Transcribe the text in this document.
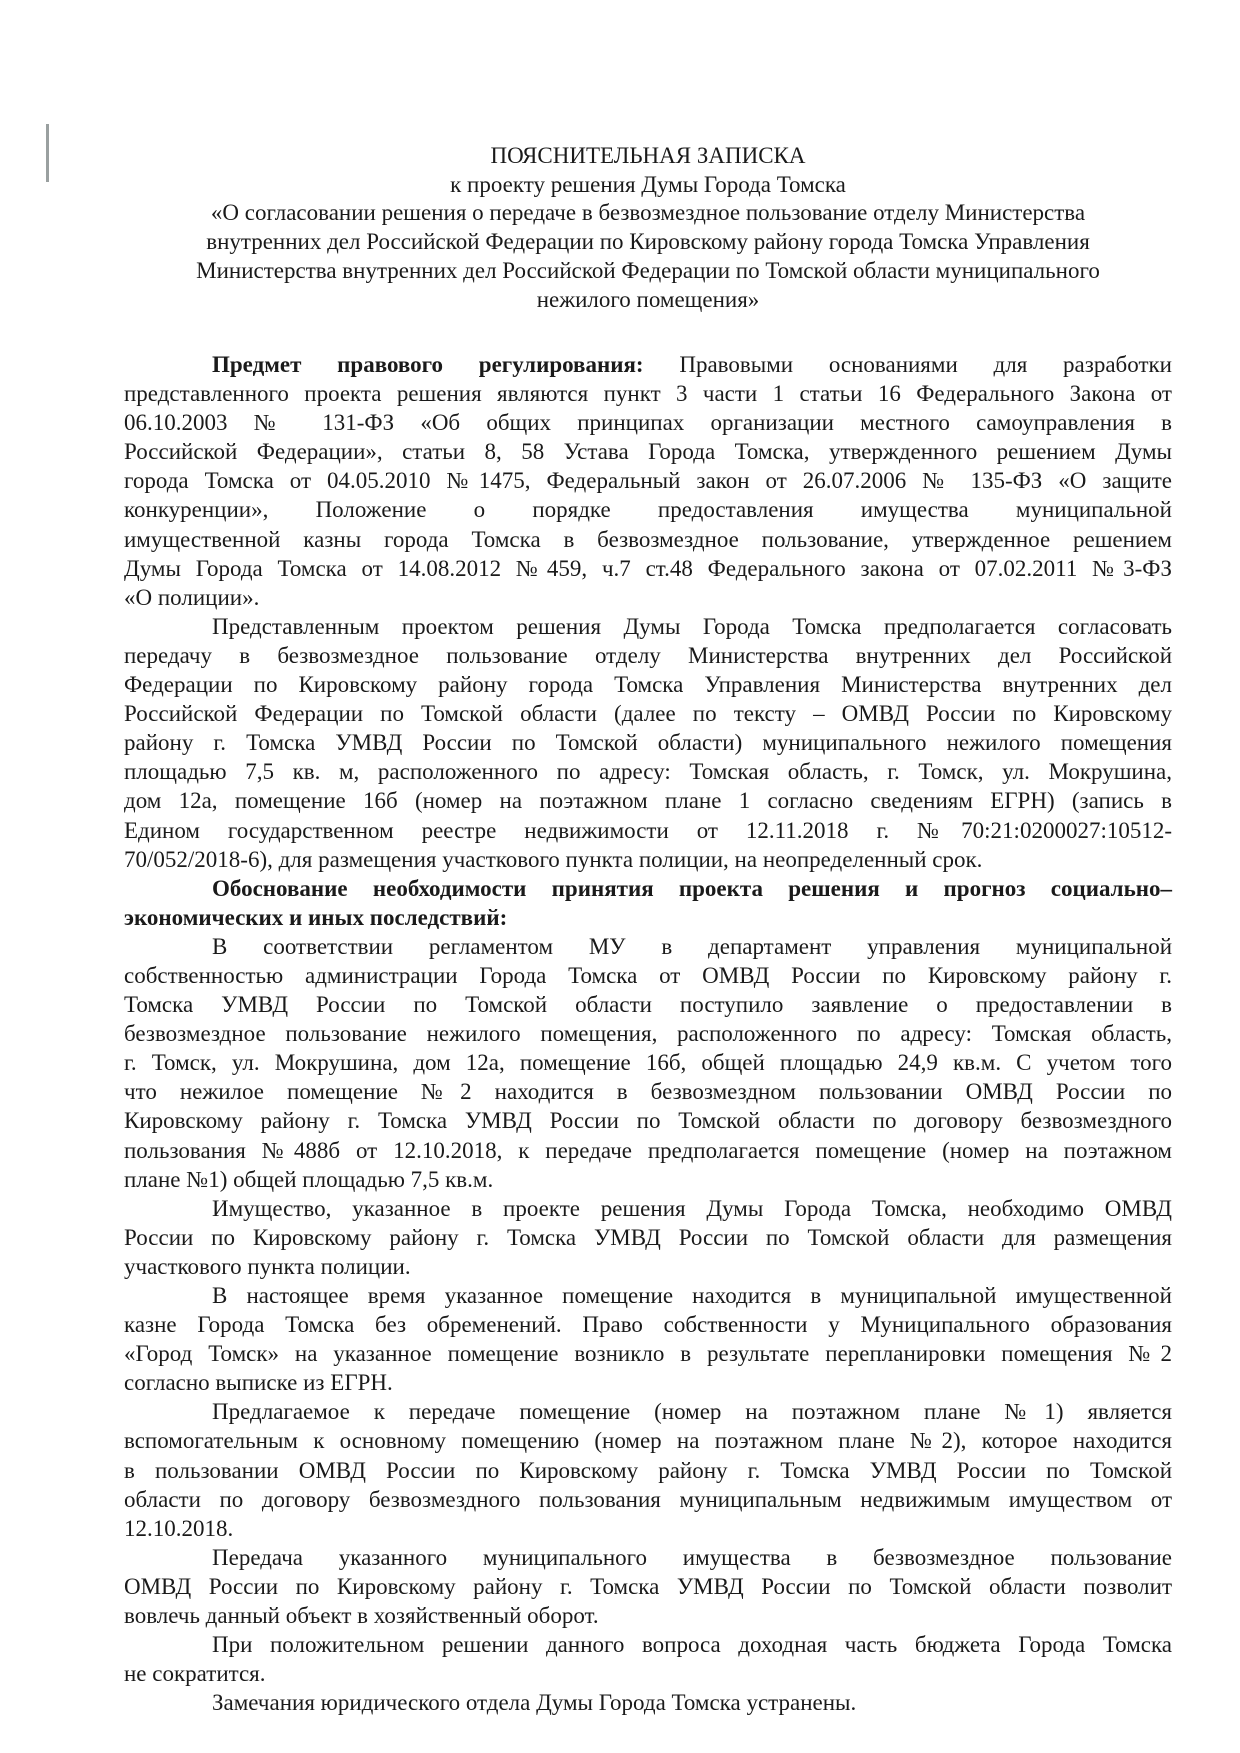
ПОЯСНИТЕЛЬНАЯ ЗАПИСКА
к проекту решения Думы Города Томска
«О согласовании решения о передаче в безвозмездное пользование отделу Министерства
внутренних дел Российской Федерации по Кировскому району города Томска Управления
Министерства внутренних дел Российской Федерации по Томской области муниципального
нежилого помещения»
Предмет правового регулирования: Правовыми основаниями для разработки
представленного проекта решения являются пункт 3 части 1 статьи 16 Федерального Закона от
06.10.2003 № 131-ФЗ «Об общих принципах организации местного самоуправления в
Российской Федерации», статьи 8, 58 Устава Города Томска, утвержденного решением Думы
города Томска от 04.05.2010 №1475, Федеральный закон от 26.07.2006 № 135-ФЗ «О защите
конкуренции», Положение о порядке предоставления имущества муниципальной
имущественной казны города Томска в безвозмездное пользование, утвержденное решением
Думы Города Томска от 14.08.2012 №459, ч.7 ст.48 Федерального закона от 07.02.2011 №3-ФЗ
«О полиции».
Представленным проектом решения Думы Города Томска предполагается согласовать
передачу в безвозмездное пользование отделу Министерства внутренних дел Российской
Федерации по Кировскому району города Томска Управления Министерства внутренних дел
Российской Федерации по Томской области (далее по тексту – ОМВД России по Кировскому
району г. Томска УМВД России по Томской области) муниципального нежилого помещения
площадью 7,5 кв. м, расположенного по адресу: Томская область, г. Томск, ул. Мокрушина,
дом 12а, помещение 16б (номер на поэтажном плане 1 согласно сведениям ЕГРН) (запись в
Едином государственном реестре недвижимости от 12.11.2018 г. №70:21:0200027:10512-
70/052/2018-6), для размещения участкового пункта полиции, на неопределенный срок.
Обоснование необходимости принятия проекта решения и прогноз социально–
экономических и иных последствий:
В соответствии регламентом МУ в департамент управления муниципальной
собственностью администрации Города Томска от ОМВД России по Кировскому району г.
Томска УМВД России по Томской области поступило заявление о предоставлении в
безвозмездное пользование нежилого помещения, расположенного по адресу: Томская область,
г. Томск, ул. Мокрушина, дом 12а, помещение 16б, общей площадью 24,9 кв.м. С учетом того
что нежилое помещение №2 находится в безвозмездном пользовании ОМВД России по
Кировскому району г. Томска УМВД России по Томской области по договору безвозмездного
пользования №488б от 12.10.2018, к передаче предполагается помещение (номер на поэтажном
плане №1) общей площадью 7,5 кв.м.
Имущество, указанное в проекте решения Думы Города Томска, необходимо ОМВД
России по Кировскому району г. Томска УМВД России по Томской области для размещения
участкового пункта полиции.
В настоящее время указанное помещение находится в муниципальной имущественной
казне Города Томска без обременений. Право собственности у Муниципального образования
«Город Томск» на указанное помещение возникло в результате перепланировки помещения №2
согласно выписке из ЕГРН.
Предлагаемое к передаче помещение (номер на поэтажном плане №1) является
вспомогательным к основному помещению (номер на поэтажном плане №2), которое находится
в пользовании ОМВД России по Кировскому району г. Томска УМВД России по Томской
области по договору безвозмездного пользования муниципальным недвижимым имуществом от
12.10.2018.
Передача указанного муниципального имущества в безвозмездное пользование
ОМВД России по Кировскому району г. Томска УМВД России по Томской области позволит
вовлечь данный объект в хозяйственный оборот.
При положительном решении данного вопроса доходная часть бюджета Города Томска
не сократится.
Замечания юридического отдела Думы Города Томска устранены.
